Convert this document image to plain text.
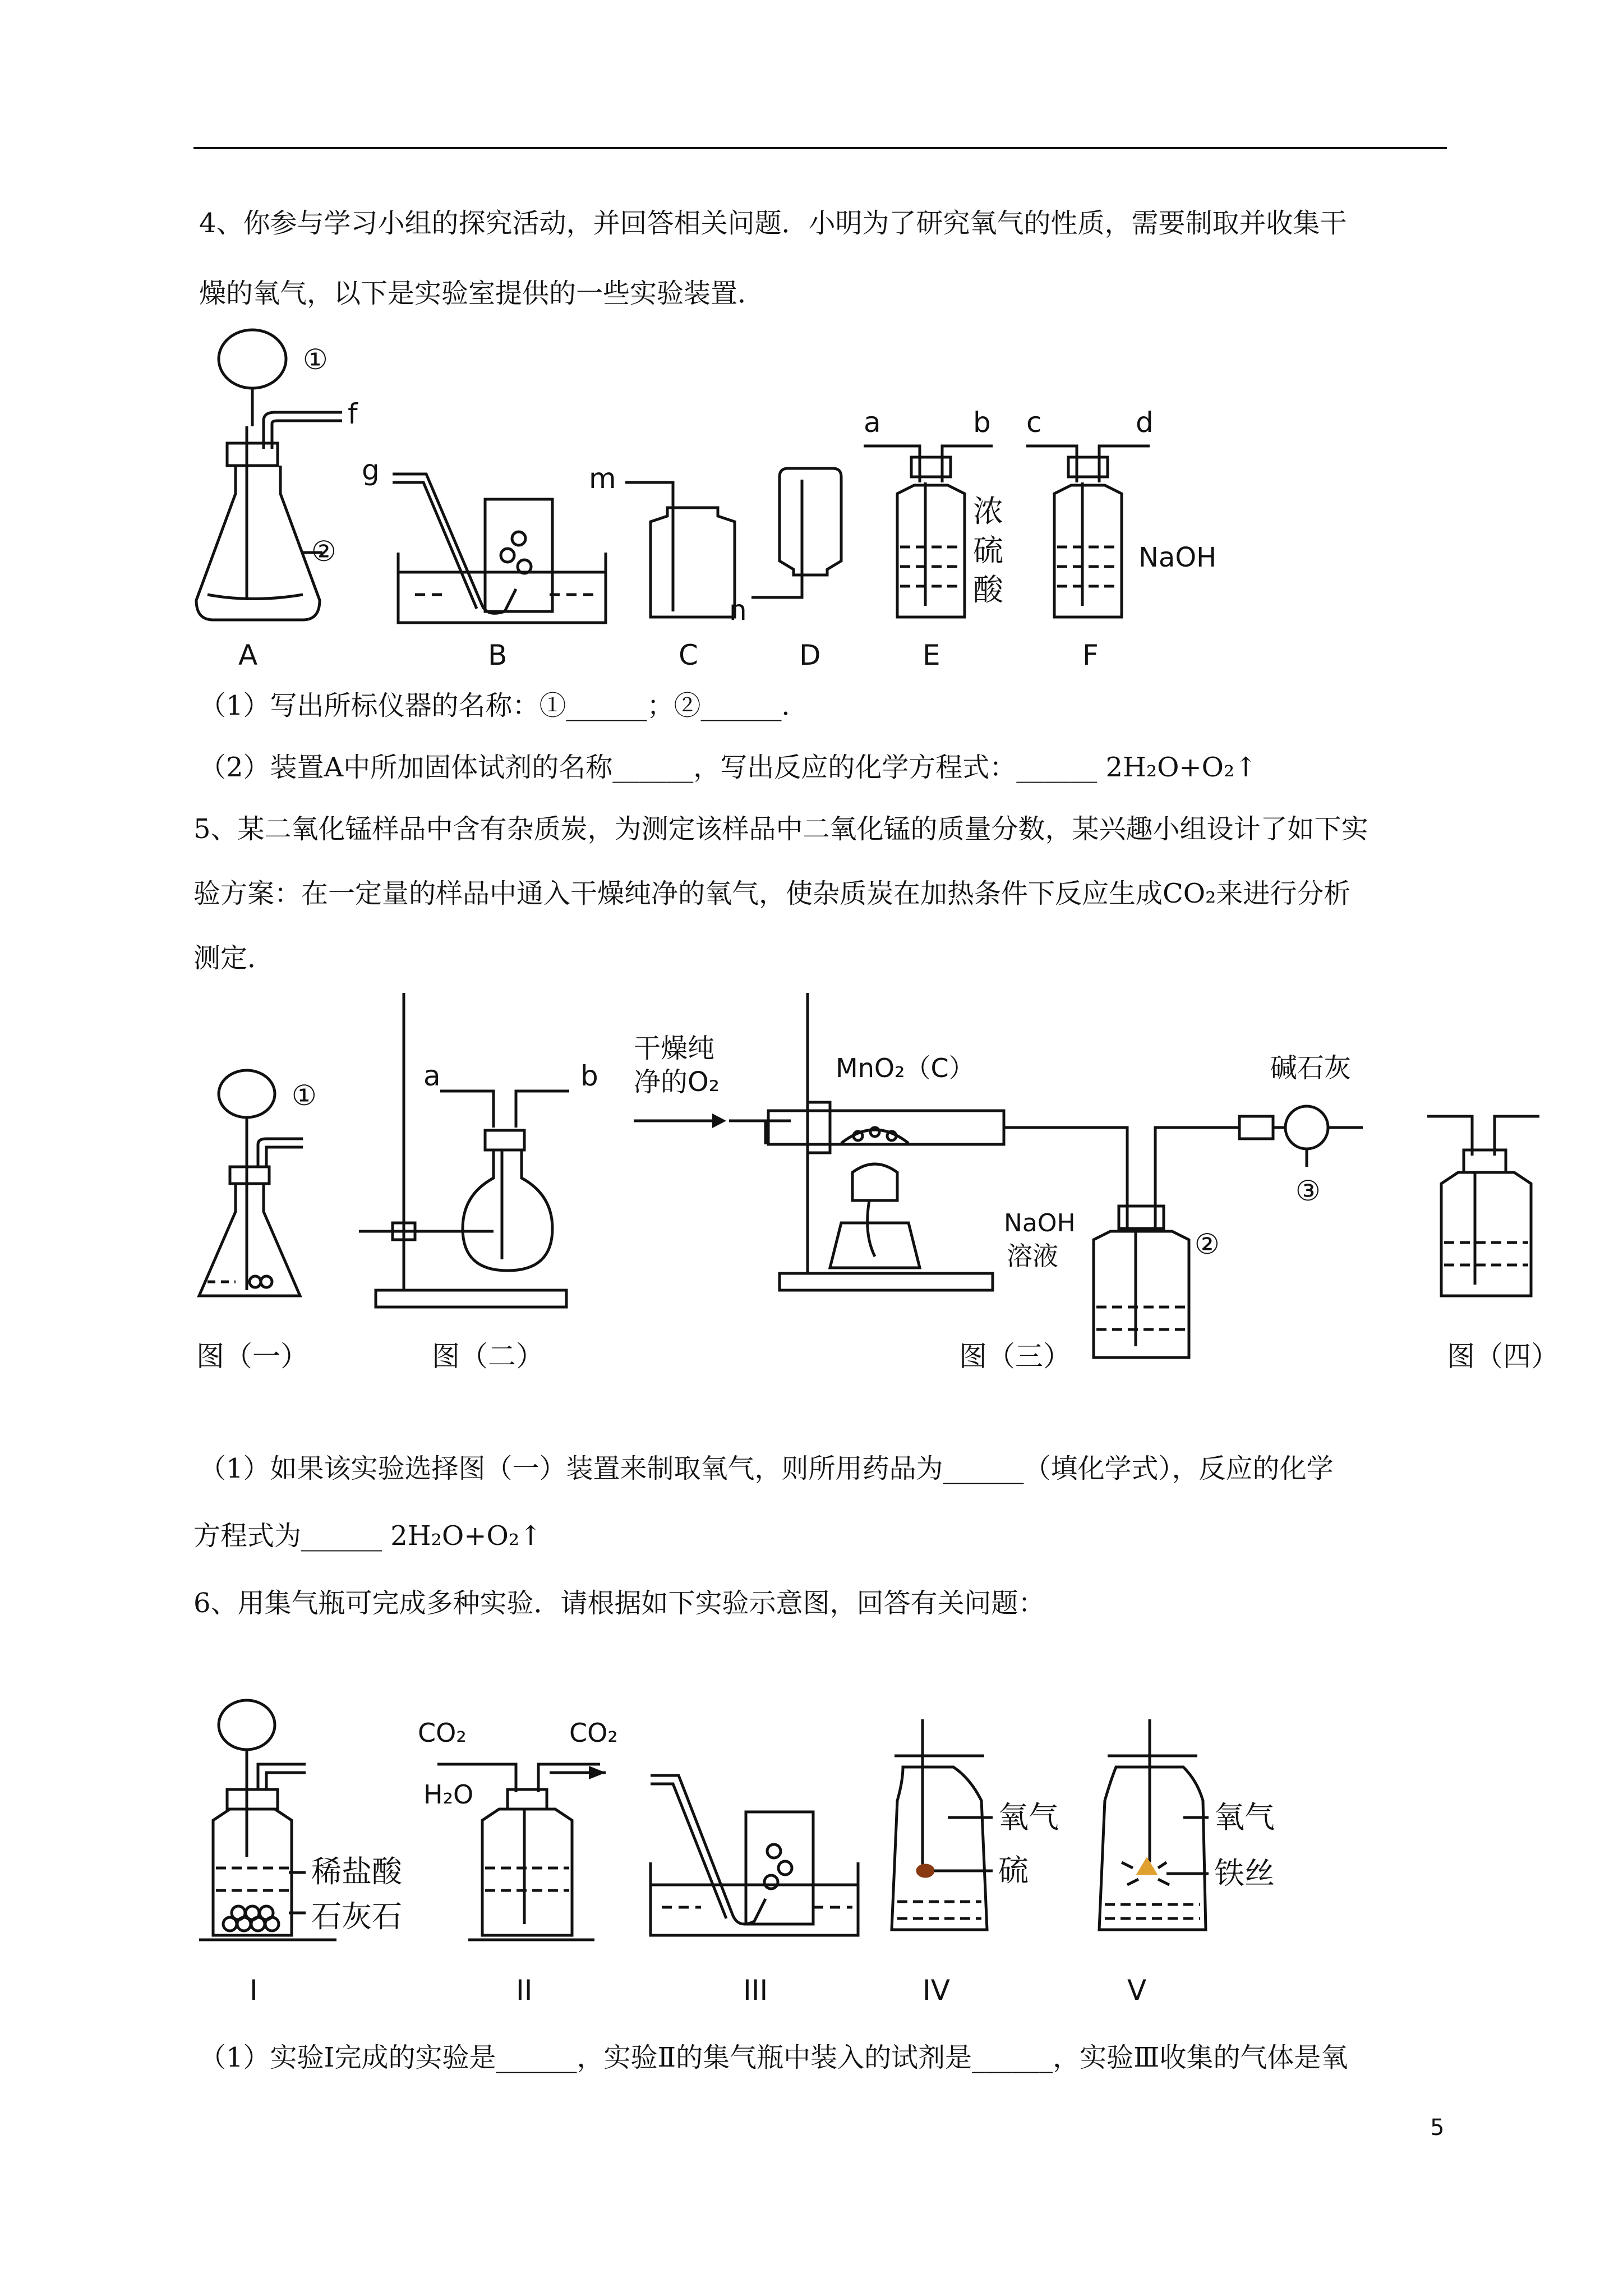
4、你参与学习小组的探究活动，并回答相关问题．小明为了研究氧气的性质，需要制取并收集干
燥的氧气，以下是实验室提供的一些实验装置．
①
f
②
g	m
n
a	b
浓
硫
酸
c	d
NaOH
A	B	C	D	E	F
（1）写出所标仪器的名称：①______；②______．
（2）装置A中所加固体试剂的名称______，写出反应的化学方程式：______ 2H₂O+O₂↑
5、某二氧化锰样品中含有杂质炭，为测定该样品中二氧化锰的质量分数，某兴趣小组设计了如下实
验方案：在一定量的样品中通入干燥纯净的氧气，使杂质炭在加热条件下反应生成CO₂来进行分析
测定．
①
a	b
干燥纯
净的O₂	MnO₂（C）	碱石灰
NaOH
溶液	②
③
图（一）	图（二）	图（三）	图（四）
（1）如果该实验选择图（一）装置来制取氧气，则所用药品为______（填化学式），反应的化学
方程式为______ 2H₂O+O₂↑
6、用集气瓶可完成多种实验．请根据如下实验示意图，回答有关问题：
稀盐酸
石灰石
CO₂	CO₂
H₂O
氧气
硫
氧气
铁丝
I	II	III	IV	V
（1）实验Ⅰ完成的实验是______，实验Ⅱ的集气瓶中装入的试剂是______，实验Ⅲ收集的气体是氧
5
